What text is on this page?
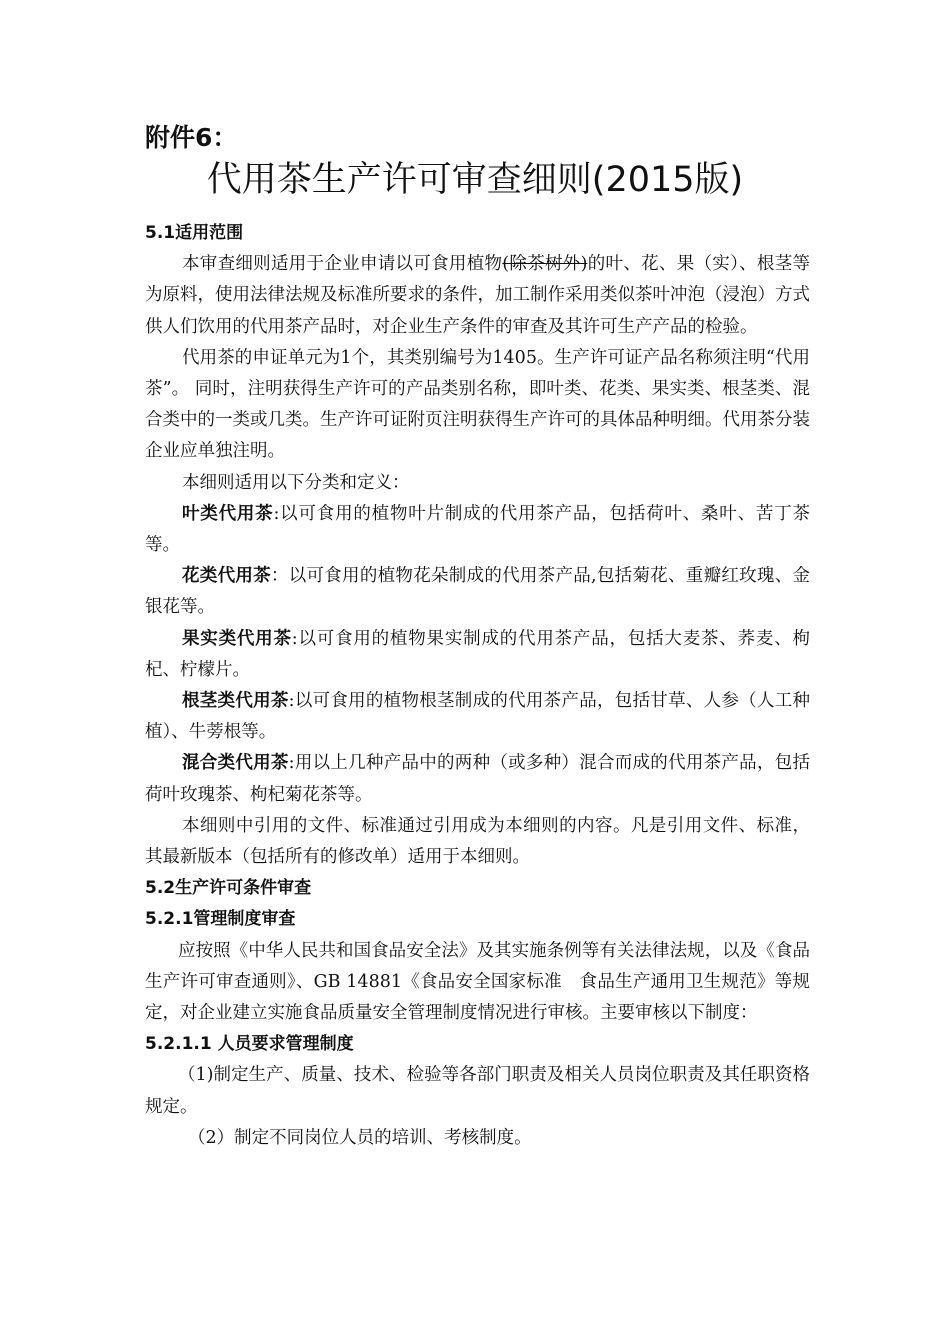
附件6：

代用茶生产许可审查细则(2015版)

5.1适用范围

本审查细则适用于企业申请以可食用植物(除茶树外)的叶、花、果（实）、根茎等为原料，使用法律法规及标准所要求的条件，加工制作采用类似茶叶冲泡（浸泡）方式供人们饮用的代用茶产品时，对企业生产条件的审查及其许可生产产品的检验。

代用茶的申证单元为1个，其类别编号为1405。生产许可证产品名称须注明“代用茶”。 同时，注明获得生产许可的产品类别名称，即叶类、花类、果实类、根茎类、混合类中的一类或几类。生产许可证附页注明获得生产许可的具体品种明细。代用茶分装企业应单独注明。

本细则适用以下分类和定义：

叶类代用茶:以可食用的植物叶片制成的代用茶产品，包括荷叶、桑叶、苦丁茶等。

花类代用茶：以可食用的植物花朵制成的代用茶产品,包括菊花、重瓣红玫瑰、金银花等。

果实类代用茶:以可食用的植物果实制成的代用茶产品，包括大麦茶、荞麦、枸杞、柠檬片。

根茎类代用茶:以可食用的植物根茎制成的代用茶产品，包括甘草、人参（人工种植）、牛蒡根等。

混合类代用茶:用以上几种产品中的两种（或多种）混合而成的代用茶产品，包括荷叶玫瑰茶、枸杞菊花茶等。

本细则中引用的文件、标准通过引用成为本细则的内容。凡是引用文件、标准，其最新版本（包括所有的修改单）适用于本细则。

5.2生产许可条件审查

5.2.1管理制度审查

应按照《中华人民共和国食品安全法》及其实施条例等有关法律法规，以及《食品生产许可审查通则》、GB 14881《食品安全国家标准　食品生产通用卫生规范》等规定，对企业建立实施食品质量安全管理制度情况进行审核。主要审核以下制度：

5.2.1.1 人员要求管理制度

（1)制定生产、质量、技术、检验等各部门职责及相关人员岗位职责及其任职资格规定。

（2）制定不同岗位人员的培训、考核制度。
